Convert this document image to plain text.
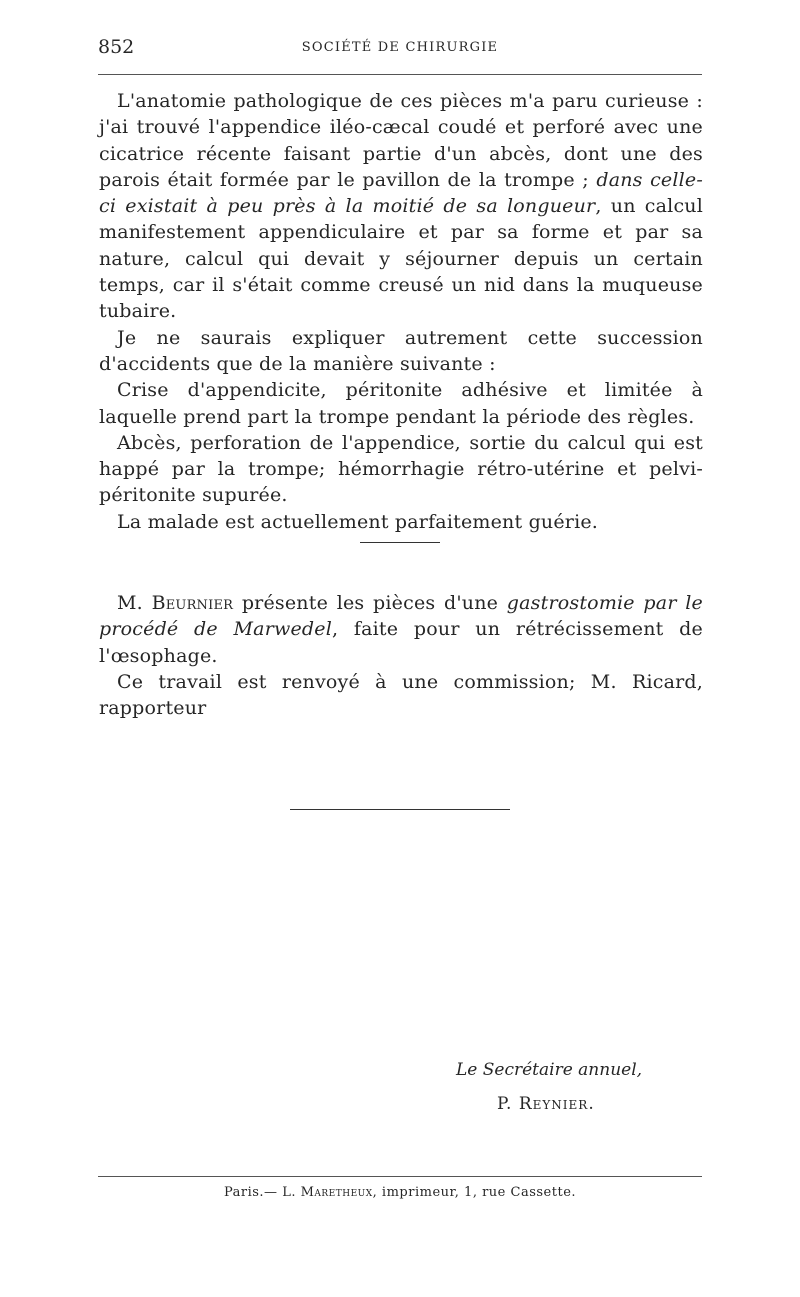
852	SOCIÉTÉ DE CHIRURGIE

L'anatomie pathologique de ces pièces m'a paru curieuse : j'ai trouvé l'appendice iléo-cæcal coudé et perforé avec une cicatrice récente faisant partie d'un abcès, dont une des parois était formée par le pavillon de la trompe ; dans celle-ci existait à peu près à la moitié de sa longueur, un calcul manifestement appendiculaire et par sa forme et par sa nature, calcul qui devait y séjourner depuis un certain temps, car il s'était comme creusé un nid dans la muqueuse tubaire.

Je ne saurais expliquer autrement cette succession d'accidents que de la manière suivante :

Crise d'appendicite, péritonite adhésive et limitée à laquelle prend part la trompe pendant la période des règles.

Abcès, perforation de l'appendice, sortie du calcul qui est happé par la trompe; hémorrhagie rétro-utérine et pelvi-péritonite supurée.

La malade est actuellement parfaitement guérie.

M. Beurnier présente les pièces d'une gastrostomie par le procédé de Marwedel, faite pour un rétrécissement de l'œsophage.

Ce travail est renvoyé à une commission; M. Ricard, rapporteur

Le Secrétaire annuel,
P. Reynier.
Paris.— L. Maretheux, imprimeur, 1, rue Cassette.
